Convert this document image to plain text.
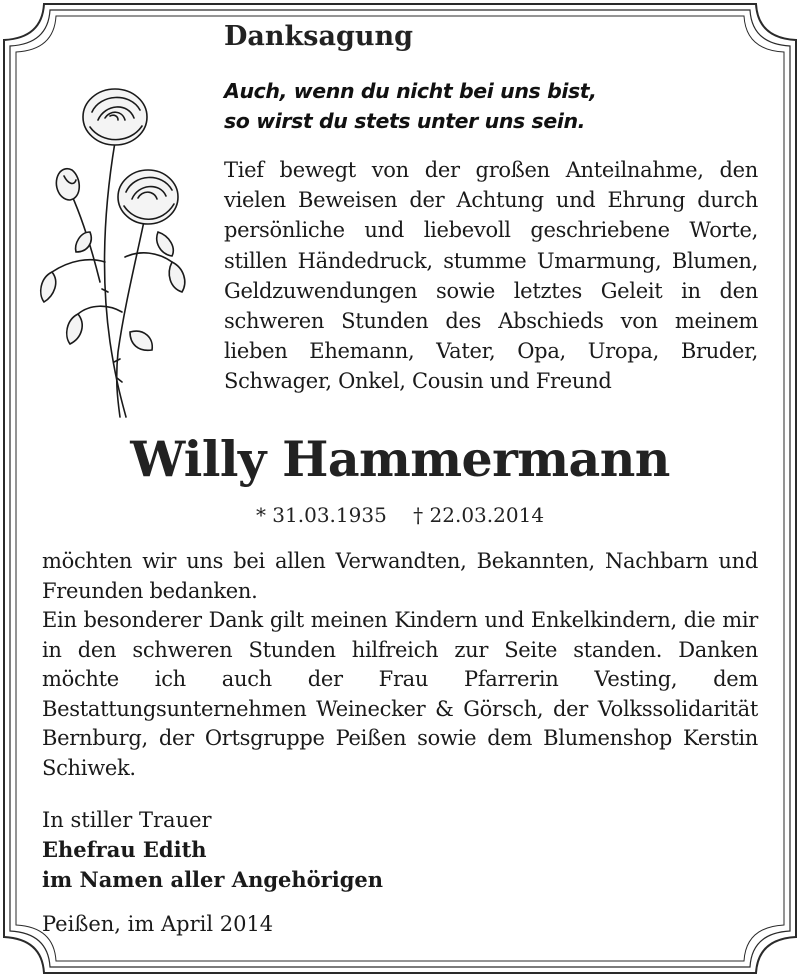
Danksagung
Auch, wenn du nicht bei uns bist,
so wirst du stets unter uns sein.

Tief bewegt von der großen Anteilnahme, den vielen Beweisen der Achtung und Ehrung durch persönliche und liebevoll geschriebene Worte, stillen Händedruck, stumme Umarmung, Blumen, Geldzuwendungen sowie letztes Geleit in den schweren Stunden des Abschieds von meinem lieben Ehemann, Vater, Opa, Uropa, Bruder, Schwager, Onkel, Cousin und Freund

Willy Hammermann
* 31.03.1935 † 22.03.2014

möchten wir uns bei allen Verwandten, Bekannten, Nachbarn und Freunden bedanken.

Ein besonderer Dank gilt meinen Kindern und Enkelkindern, die mir in den schweren Stunden hilfreich zur Seite standen. Danken möchte ich auch der Frau Pfarrerin Vesting, dem Bestattungsunternehmen Weinecker & Görsch, der Volkssolidarität Bernburg, der Ortsgruppe Peißen sowie dem Blumenshop Kerstin Schiwek.

In stiller Trauer

Ehefrau Edith
im Namen aller Angehörigen

Peißen, im April 2014
